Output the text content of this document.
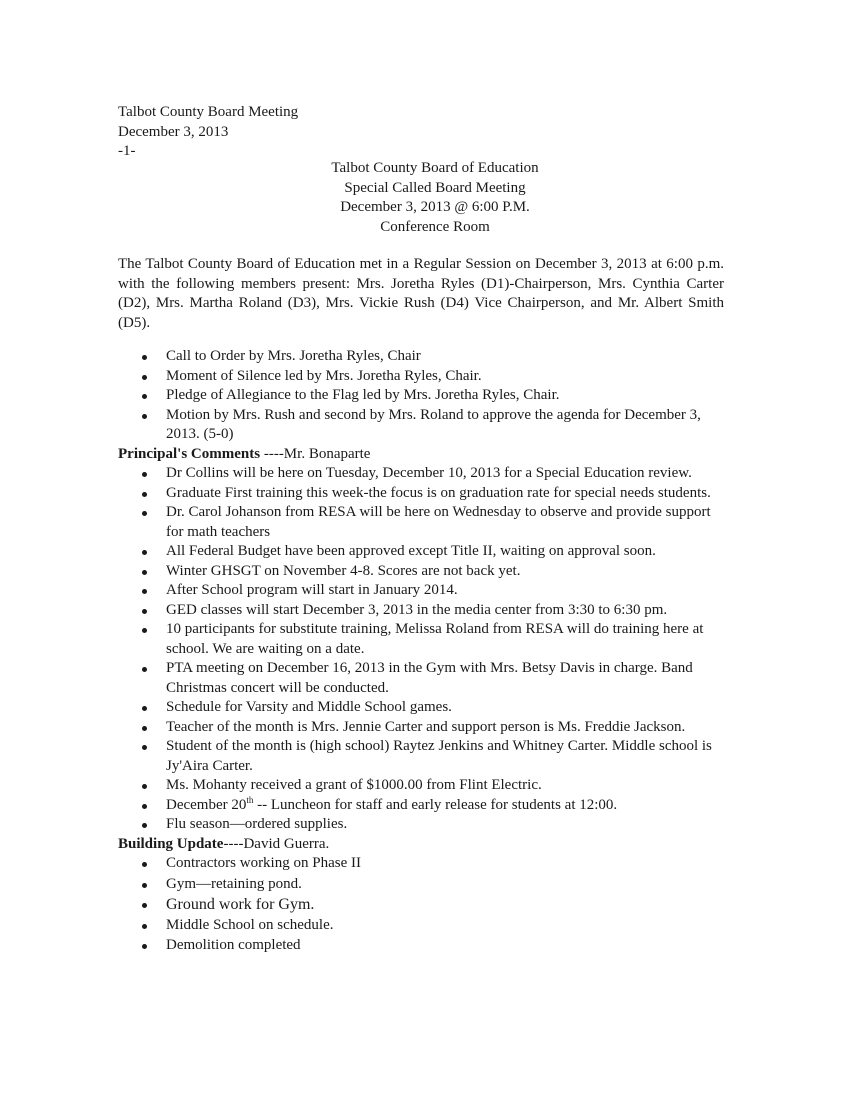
Talbot County Board Meeting
December 3, 2013
-1-
Talbot County Board of Education
Special Called Board Meeting
December 3, 2013 @ 6:00 P.M.
Conference Room
The Talbot County Board of Education met in a Regular Session on December 3, 2013 at 6:00 p.m. with the following members present: Mrs. Joretha Ryles (D1)-Chairperson, Mrs. Cynthia Carter (D2), Mrs. Martha Roland (D3), Mrs. Vickie Rush (D4) Vice Chairperson, and Mr. Albert Smith (D5).
Call to Order by Mrs. Joretha Ryles, Chair
Moment of Silence led by Mrs. Joretha Ryles, Chair.
Pledge of Allegiance to the Flag led by Mrs. Joretha Ryles, Chair.
Motion by Mrs. Rush and second by Mrs. Roland to approve the agenda for December 3, 2013. (5-0)
Principal's Comments ----Mr. Bonaparte
Dr Collins will be here on Tuesday, December 10, 2013 for a Special Education review.
Graduate First training this week-the focus is on graduation rate for special needs students.
Dr. Carol Johanson from RESA will be here on Wednesday to observe and provide support for math teachers
All Federal Budget have been approved except Title II, waiting on approval soon.
Winter GHSGT on November 4-8. Scores are not back yet.
After School program will start in January 2014.
GED classes will start December 3, 2013 in the media center from 3:30 to 6:30 pm.
10 participants for substitute training, Melissa Roland from RESA will do training here at school. We are waiting on a date.
PTA meeting on December 16, 2013 in the Gym with Mrs. Betsy Davis in charge. Band Christmas concert will be conducted.
Schedule for Varsity and Middle School games.
Teacher of the month is Mrs. Jennie Carter and support person is Ms. Freddie Jackson.
Student of the month is (high school) Raytez Jenkins and Whitney Carter. Middle school is Jy'Aira Carter.
Ms. Mohanty received a grant of $1000.00 from Flint Electric.
December 20th -- Luncheon for staff and early release for students at 12:00.
Flu season—ordered supplies.
Building Update----David Guerra.
Contractors working on Phase II
Gym—retaining pond.
Ground work for Gym.
Middle School on schedule.
Demolition completed
